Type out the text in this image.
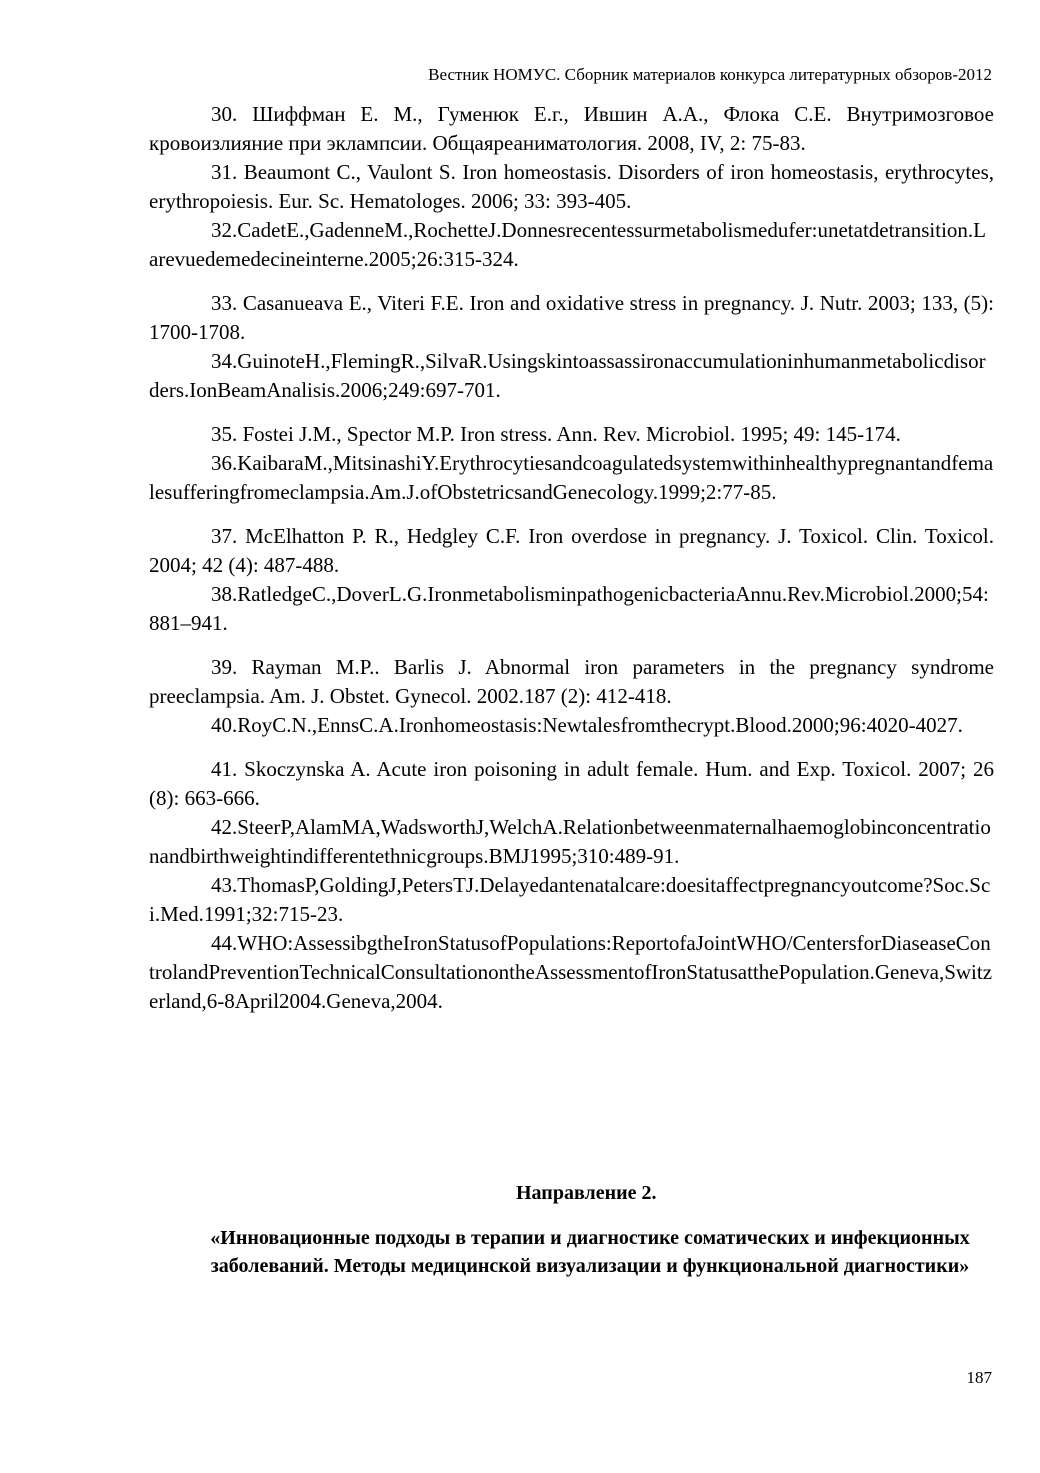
Вестник НОМУС. Сборник материалов конкурса литературных обзоров-2012

30. Шиффман Е. М., Гуменюк Е.г., Ившин А.А., Флока С.Е. Внутримозговое кровоизлияние при эклампсии. Общаяреаниматология. 2008, IV, 2: 75-83.

31. Beaumont C., Vaulont S. Iron homeostasis. Disorders of iron homeostasis, erythrocytes, erythropoiesis. Eur. Sc. Hematologes. 2006; 33: 393-405.

32.CadetE.,GadenneM.,RochetteJ.Donnesrecentessurmetabolismedufer:unetatdetransition.Larevuedemedecineinterne.2005;26:315-324.

33. Casanueava E., Viteri F.E. Iron and oxidative stress in pregnancy. J. Nutr. 2003; 133, (5): 1700-1708.

34.GuinoteH.,FlemingR.,SilvaR.Usingskintoassassironaccumulationinhumanmetabolicdisorders.IonBeamAnalisis.2006;249:697-701.

35. Fostei J.M., Spector M.P. Iron stress. Ann. Rev. Microbiol. 1995; 49: 145-174.

36.KaibaraM.,MitsinashiY.Erythrocytiesandcoagulatedsystemwithinhealthypregnantandfemalesufferingfromeclampsia.Am.J.ofObstetricsandGenecology.1999;2:77-85.

37. McElhatton P. R., Hedgley C.F. Iron overdose in pregnancy. J. Toxicol. Clin. Toxicol. 2004; 42 (4): 487-488.

38.RatledgeC.,DoverL.G.IronmetabolisminpathogenicbacteriaAnnu.Rev.Microbiol.2000;54:881–941.

39. Rayman M.P.. Barlis J. Abnormal iron parameters in the pregnancy syndrome preeclampsia. Am. J. Obstet. Gynecol. 2002.187 (2): 412-418.

40.RoyC.N.,EnnsC.A.Ironhomeostasis:Newtalesfromthecrypt.Blood.2000;96:4020-4027.

41. Skoczynska A. Acute iron poisoning in adult female. Hum. and Exp. Toxicol. 2007; 26 (8): 663-666.

42.SteerP,AlamMA,WadsworthJ,WelchA.Relationbetweenmaternalhaemoglobinconcentrationandbirthweightindifferentethnicgroups.BMJ1995;310:489-91.

43.ThomasP,GoldingJ,PetersTJ.Delayedantenatalcare:doesitaffectpregnancyoutcome?Soc.Sci.Med.1991;32:715-23.

44.WHO:AssessibgtheIronStatusofPopulations:ReportofaJointWHO/CentersforDiaseaseControlandPreventionTechnicalConsultationontheAssessmentofIronStatusatthePopulation.Geneva,Switzerland,6-8April2004.Geneva,2004.

Направление 2.
«Инновационные подходы в терапии и диагностике соматических и инфекционных заболеваний. Методы медицинской визуализации и функциональной диагностики»
187
